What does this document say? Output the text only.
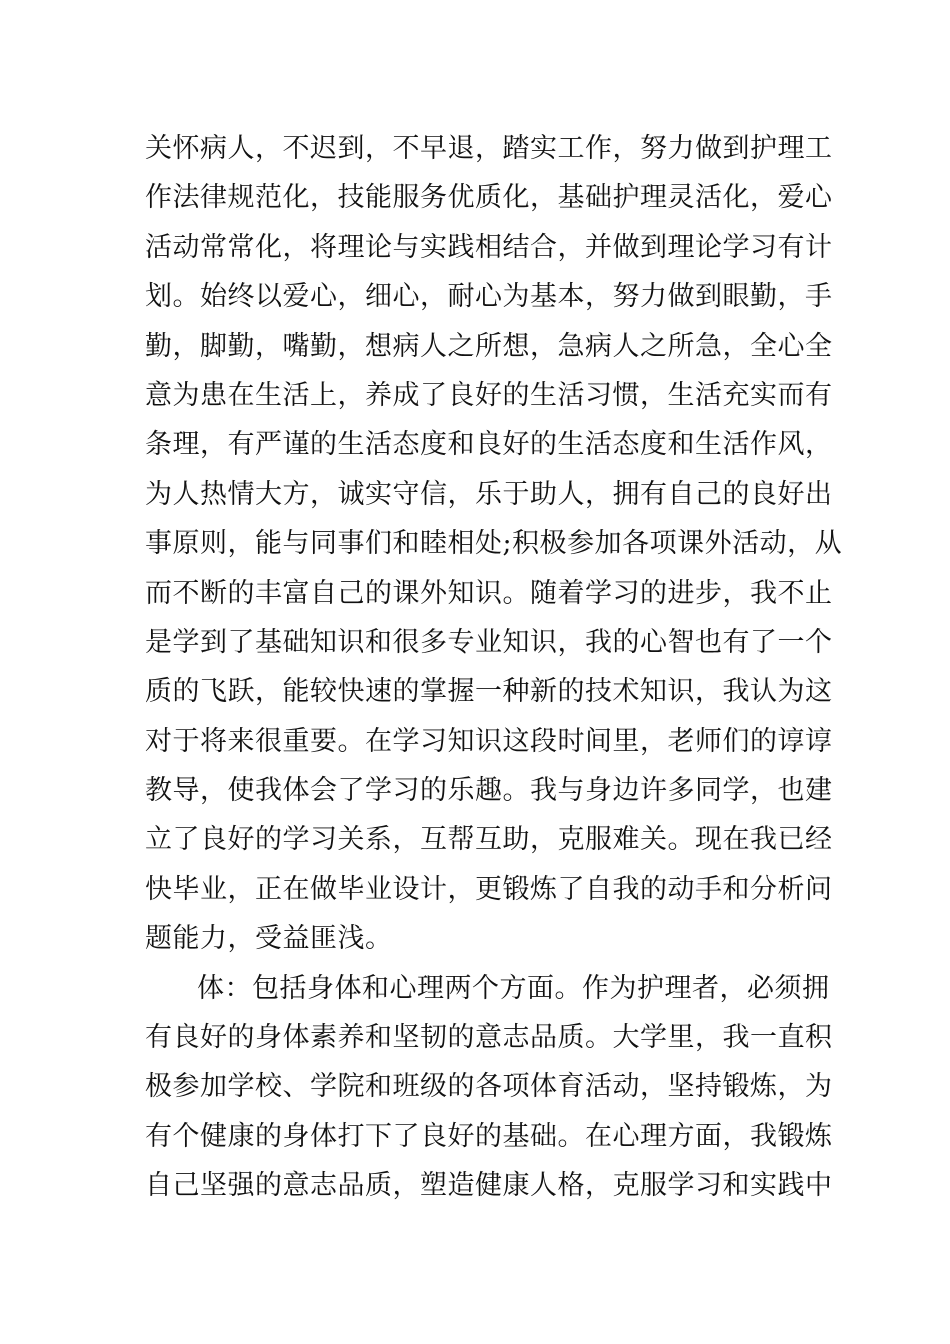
关怀病人，不迟到，不早退，踏实工作，努力做到护理工
作法律规范化，技能服务优质化，基础护理灵活化，爱心
活动常常化，将理论与实践相结合，并做到理论学习有计
划。始终以爱心，细心，耐心为基本，努力做到眼勤，手
勤，脚勤，嘴勤，想病人之所想，急病人之所急，全心全
意为患在生活上，养成了良好的生活习惯，生活充实而有
条理，有严谨的生活态度和良好的生活态度和生活作风，
为人热情大方，诚实守信，乐于助人，拥有自己的良好出
事原则，能与同事们和睦相处;积极参加各项课外活动，从
而不断的丰富自己的课外知识。随着学习的进步，我不止
是学到了基础知识和很多专业知识，我的心智也有了一个
质的飞跃，能较快速的掌握一种新的技术知识，我认为这
对于将来很重要。在学习知识这段时间里，老师们的谆谆
教导，使我体会了学习的乐趣。我与身边许多同学，也建
立了良好的学习关系，互帮互助，克服难关。现在我已经
快毕业，正在做毕业设计，更锻炼了自我的动手和分析问
题能力，受益匪浅。
体：包括身体和心理两个方面。作为护理者，必须拥
有良好的身体素养和坚韧的意志品质。大学里，我一直积
极参加学校、学院和班级的各项体育活动，坚持锻炼，为
有个健康的身体打下了良好的基础。在心理方面，我锻炼
自己坚强的意志品质，塑造健康人格，克服学习和实践中
